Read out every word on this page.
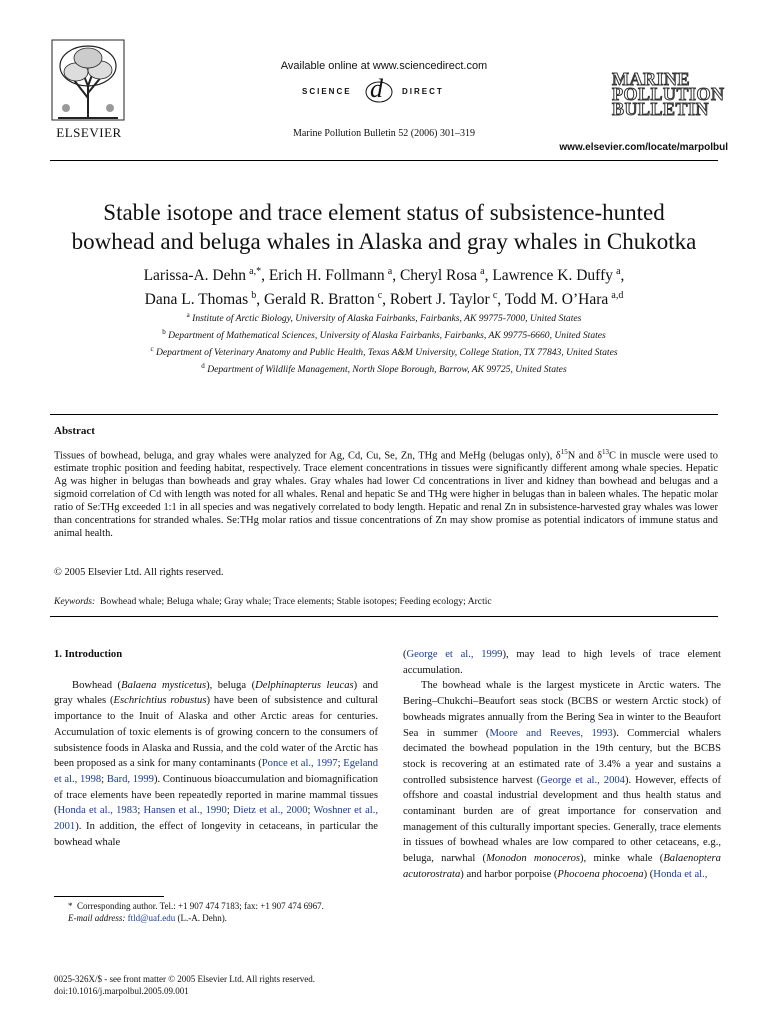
ELSEVIER
Available online at www.sciencedirect.com
SCIENCE d DIRECT
Marine Pollution Bulletin 52 (2006) 301–319
MARINE
POLLUTION
BULLETIN
www.elsevier.com/locate/marpolbul
Stable isotope and trace element status of subsistence-hunted
bowhead and beluga whales in Alaska and gray whales in Chukotka
Larissa-A. Dehn  $^{a,*}$, Erich H. Follmann  $^a$, Cheryl Rosa  $^a$, Lawrence K. Duffy  $^a$,
Dana L. Thomas  $^b$, Gerald R. Bratton  $^c$, Robert J. Taylor  $^c$, Todd M. O’Hara  $^{a,d}$
$^a$ Institute of Arctic Biology, University of Alaska Fairbanks, Fairbanks, AK 99775-7000, United States
$^b$ Department of Mathematical Sciences, University of Alaska Fairbanks, Fairbanks, AK 99775-6660, United States
$^c$ Department of Veterinary Anatomy and Public Health, Texas A&M University, College Station, TX 77843, United States
$^d$ Department of Wildlife Management, North Slope Borough, Barrow, AK 99725, United States
Abstract
Tissues of bowhead, beluga, and gray whales were analyzed for Ag, Cd, Cu, Se, Zn, THg and MeHg (belugas only), $\delta^{15}N$ and $\delta^{13}C$ in muscle were used to estimate trophic position and feeding habitat, respectively. Trace element concentrations in tissues were significantly different among whale species. Hepatic Ag was higher in belugas than bowheads and gray whales. Gray whales had lower Cd concentrations in liver and kidney than bowhead and belugas and a sigmoid correlation of Cd with length was noted for all whales. Renal and hepatic Se and THg were higher in belugas than in baleen whales. The hepatic molar ratio of Se:THg exceeded 1:1 in all species and was negatively correlated to body length. Hepatic and renal Zn in subsistence-harvested gray whales was lower than concentrations for stranded whales. Se:THg molar ratios and tissue concentrations of Zn may show promise as potential indicators of immune status and animal health.
© 2005 Elsevier Ltd. All rights reserved.
Keywords: Bowhead whale; Beluga whale; Gray whale; Trace elements; Stable isotopes; Feeding ecology; Arctic
1. Introduction
Bowhead (Balaena mysticetus), beluga (Delphinapterus leucas) and gray whales (Eschrichtius robustus) have been of subsistence and cultural importance to the Inuit of Alaska and other Arctic areas for centuries. Accumulation of toxic elements is of growing concern to the consumers of subsistence foods in Alaska and Russia, and the cold water of the Arctic has been proposed as a sink for many contaminants (Ponce et al., 1997; Egeland et al., 1998; Bard, 1999). Continuous bioaccumulation and biomagnification of trace elements have been repeatedly reported in marine mammal tissues (Honda et al., 1983; Hansen et al., 1990; Dietz et al., 2000; Woshner et al., 2001). In addition, the effect of longevity in cetaceans, in particular the bowhead whale
* Corresponding author. Tel.: +1 907 474 7183; fax: +1 907 474 6967.
E-mail address: ftld@uaf.edu (L.-A. Dehn).
0025-326X/$ - see front matter © 2005 Elsevier Ltd. All rights reserved.
doi:10.1016/j.marpolbul.2005.09.001
(George et al., 1999), may lead to high levels of trace element accumulation.
The bowhead whale is the largest mysticete in Arctic waters. The Bering–Chukchi–Beaufort seas stock (BCBS or western Arctic stock) of bowheads migrates annually from the Bering Sea in winter to the Beaufort Sea in summer (Moore and Reeves, 1993). Commercial whalers decimated the bowhead population in the 19th century, but the BCBS stock is recovering at an estimated rate of 3.4% a year and sustains a controlled subsistence harvest (George et al., 2004). However, effects of offshore and coastal industrial development and thus health status and contaminant burden are of great importance for conservation and management of this culturally important species. Generally, trace elements in tissues of bowhead whales are low compared to other cetaceans, e.g., beluga, narwhal (Monodon monoceros), minke whale (Balaenoptera acutorostrata) and harbor porpoise (Phocoena phocoena) (Honda et al.,
